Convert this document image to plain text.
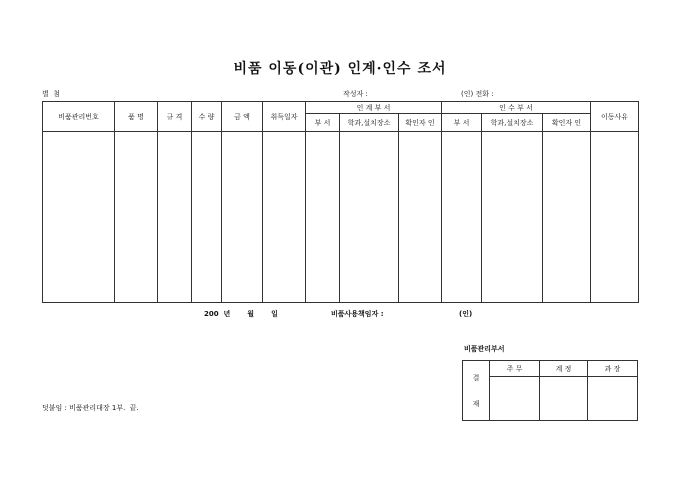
비품 이동(이관) 인계·인수 조서
별  첨	작성자 :	(인) 전화 :
비품관리번호	품 명	규 격	수 량	금 액	취득일자	인 계 부 서			인 수 부 서			이동사유
						부 서	학과,설치장소	확인자 인	부 서	학과,설치장소	확인자 인	

200  년       월       일	비품사용책임자 :	(인)
비품관리부서
결
재	주 무	계 정	과 장

덧붙임 : 비품관리대장 1부.  끝.
